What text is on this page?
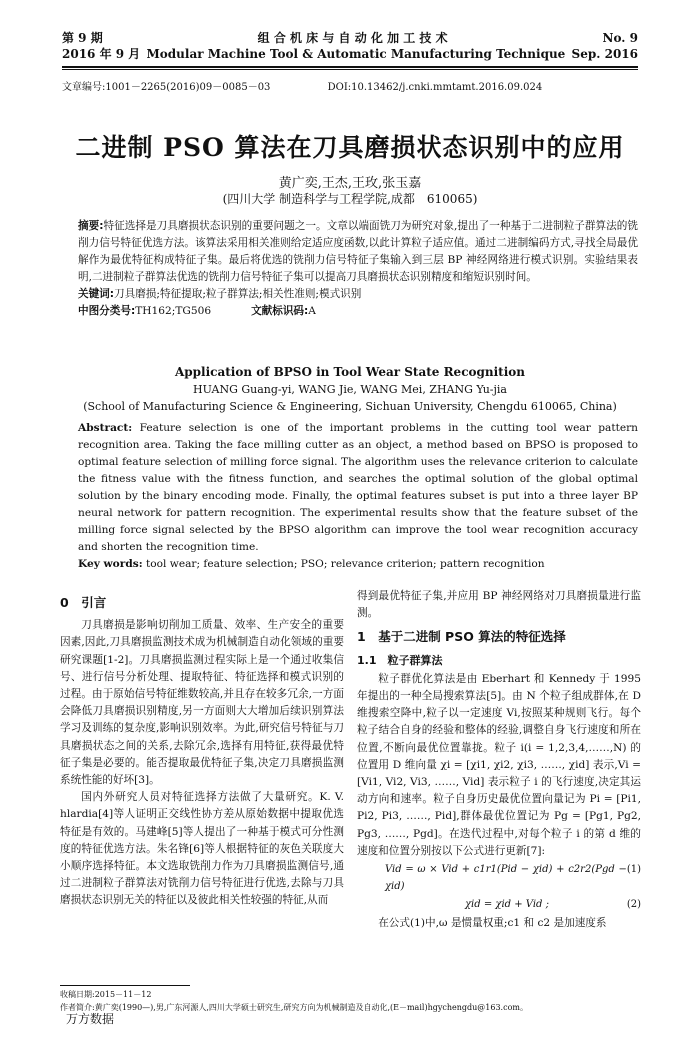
第 9 期	组 合 机 床 与 自 动 化 加 工 技 术	No. 9
2016 年 9 月 Modular Machine Tool & Automatic Manufacturing Technique Sep. 2016
文章编号:1001－2265(2016)09－0085－03	DOI:10.13462/j.cnki.mmtamt.2016.09.024
二进制 PSO 算法在刀具磨损状态识别中的应用
黄广奕,王杰,王玫,张玉嘉
(四川大学 制造科学与工程学院,成都　610065)
摘要:特征选择是刀具磨损状态识别的重要问题之一。文章以端面铣刀为研究对象,提出了一种基于二进制粒子群算法的铣削力信号特征优选方法。该算法采用相关准则给定适应度函数,以此计算粒子适应值。通过二进制编码方式,寻找全局最优解作为最优特征构成特征子集。最后将优选的铣削力信号特征子集输入到三层 BP 神经网络进行模式识别。实验结果表明,二进制粒子群算法优选的铣削力信号特征子集可以提高刀具磨损状态识别精度和缩短识别时间。
关键词:刀具磨损;特征提取;粒子群算法;相关性准则;模式识别
中图分类号:TH162;TG506	文献标识码:A
Application of BPSO in Tool Wear State Recognition
HUANG Guang-yi, WANG Jie, WANG Mei, ZHANG Yu-jia
(School of Manufacturing Science & Engineering, Sichuan University, Chengdu 610065, China)
Abstract: Feature selection is one of the important problems in the cutting tool wear pattern recognition area. Taking the face milling cutter as an object, a method based on BPSO is proposed to optimal feature selection of milling force signal. The algorithm uses the relevance criterion to calculate the fitness value with the fitness function, and searches the optimal solution of the global optimal solution by the binary encoding mode. Finally, the optimal features subset is put into a three layer BP neural network for pattern recognition. The experimental results show that the feature subset of the milling force signal selected by the BPSO algorithm can improve the tool wear recognition accuracy and shorten the recognition time.
Key words: tool wear; feature selection; PSO; relevance criterion; pattern recognition
0　引言

刀具磨损是影响切削加工质量、效率、生产安全的重要因素,因此,刀具磨损监测技术成为机械制造自动化领域的重要研究课题[1-2]。刀具磨损监测过程实际上是一个通过收集信号、进行信号分析处理、提取特征、特征选择和模式识别的过程。由于原始信号特征维数较高,并且存在较多冗余,一方面会降低刀具磨损识别精度,另一方面则大大增加后续识别算法学习及训练的复杂度,影响识别效率。为此,研究信号特征与刀具磨损状态之间的关系,去除冗余,选择有用特征,获得最优特征子集是必要的。能否提取最优特征子集,决定刀具磨损监测系统性能的好坏[3]。

国内外研究人员对特征选择方法做了大量研究。K. V. hlardia[4]等人证明正交线性协方差从原始数据中提取优选特征是有效的。马建峰[5]等人提出了一种基于模式可分性测度的特征优选方法。朱名锋[6]等人根据特征的灰色关联度大小顺序选择特征。本文选取铣削力作为刀具磨损监测信号,通过二进制粒子群算法对铣削力信号特征进行优选,去除与刀具磨损状态识别无关的特征以及彼此相关性较强的特征,从而

得到最优特征子集,并应用 BP 神经网络对刀具磨损量进行监测。

1　基于二进制 PSO 算法的特征选择
1.1　粒子群算法

粒子群优化算法是由 Eberhart 和 Kennedy 于 1995 年提出的一种全局搜索算法[5]。由 N 个粒子组成群体,在 D 维搜索空降中,粒子以一定速度 Vi,按照某种规则飞行。每个粒子结合自身的经验和整体的经验,调整自身飞行速度和所在位置,不断向最优位置靠拢。粒子 i(i = 1,2,3,4,……,N) 的位置用 D 维向量 χi = [χi1, χi2, χi3, ……, χid] 表示,Vi = [Vi1, Vi2, Vi3, ……, Vid] 表示粒子 i 的飞行速度,决定其运动方向和速率。粒子自身历史最优位置向量记为 Pi = [Pi1, Pi2, Pi3, ……, Pid],群体最优位置记为 Pg = [Pg1, Pg2, Pg3, ……, Pgd]。在迭代过程中,对每个粒子 i 的第 d 维的速度和位置分别按以下公式进行更新[7]:

Vid = ω × Vid + c1r1(Pid − χid) + c2r2(Pgd − χid)
(1)
χid = χid + Vid ;	(2)

在公式(1)中,ω 是惯量权重;c1 和 c2 是加速度系

收稿日期:2015－11－12
作者简介:黄广奕(1990—),男,广东河源人,四川大学硕士研究生,研究方向为机械制造及自动化,(E－mail)hgychengdu@163.com。
万方数据
